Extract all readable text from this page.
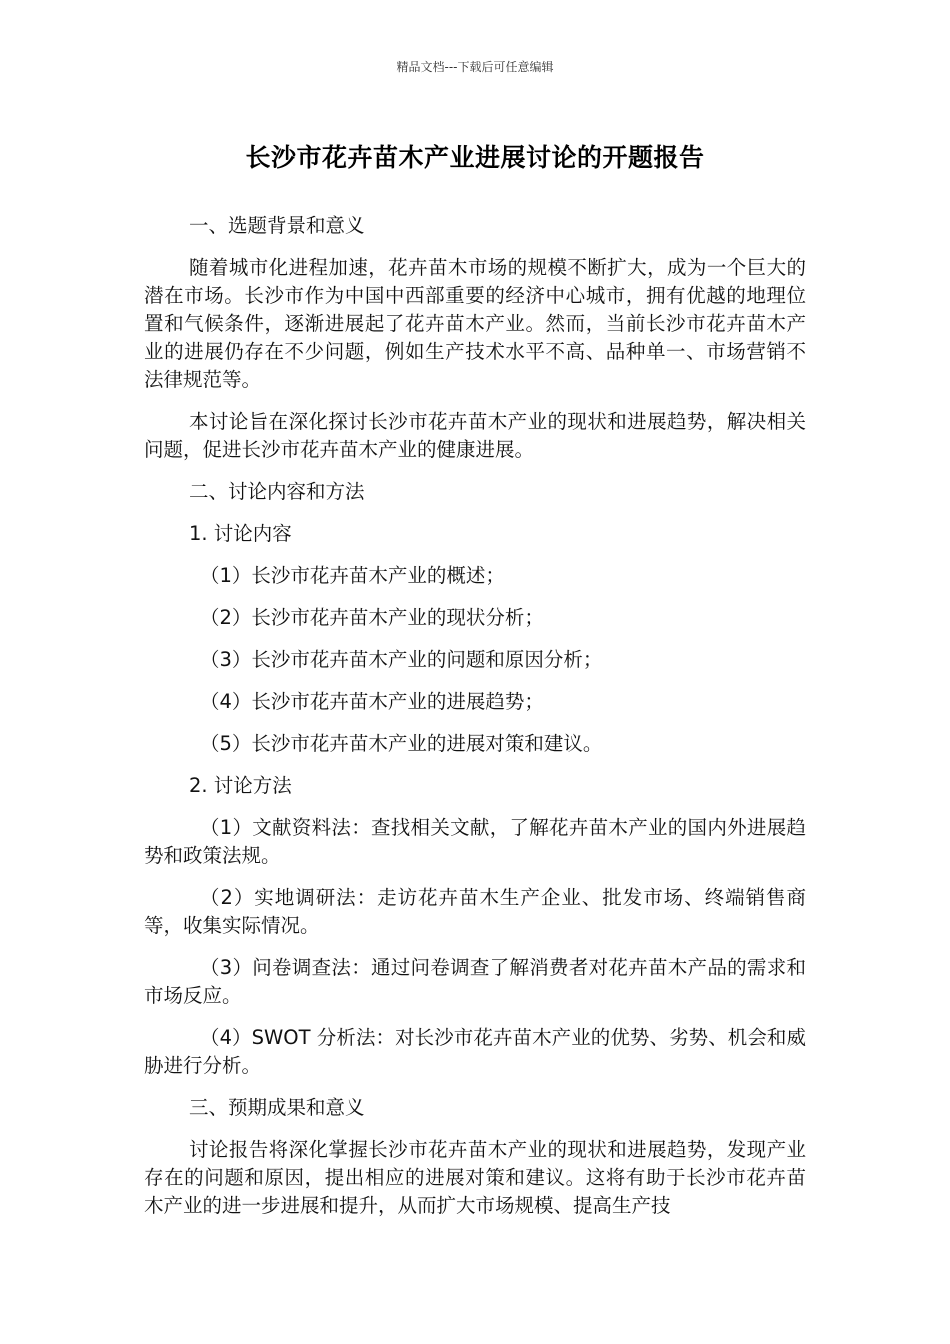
精品文档---下载后可任意编辑
长沙市花卉苗木产业进展讨论的开题报告

一、选题背景和意义

随着城市化进程加速，花卉苗木市场的规模不断扩大，成为一个巨大的潜在市场。长沙市作为中国中西部重要的经济中心城市，拥有优越的地理位置和气候条件，逐渐进展起了花卉苗木产业。然而，当前长沙市花卉苗木产业的进展仍存在不少问题，例如生产技术水平不高、品种单一、市场营销不法律规范等。

本讨论旨在深化探讨长沙市花卉苗木产业的现状和进展趋势，解决相关问题，促进长沙市花卉苗木产业的健康进展。

二、讨论内容和方法

1. 讨论内容

（1）长沙市花卉苗木产业的概述；

（2）长沙市花卉苗木产业的现状分析；

（3）长沙市花卉苗木产业的问题和原因分析；

（4）长沙市花卉苗木产业的进展趋势；

（5）长沙市花卉苗木产业的进展对策和建议。

2. 讨论方法

（1）文献资料法：查找相关文献，了解花卉苗木产业的国内外进展趋势和政策法规。

（2）实地调研法：走访花卉苗木生产企业、批发市场、终端销售商等，收集实际情况。

（3）问卷调查法：通过问卷调查了解消费者对花卉苗木产品的需求和市场反应。

（4）SWOT 分析法：对长沙市花卉苗木产业的优势、劣势、机会和威胁进行分析。

三、预期成果和意义

讨论报告将深化掌握长沙市花卉苗木产业的现状和进展趋势，发现产业存在的问题和原因，提出相应的进展对策和建议。这将有助于长沙市花卉苗木产业的进一步进展和提升，从而扩大市场规模、提高生产技
